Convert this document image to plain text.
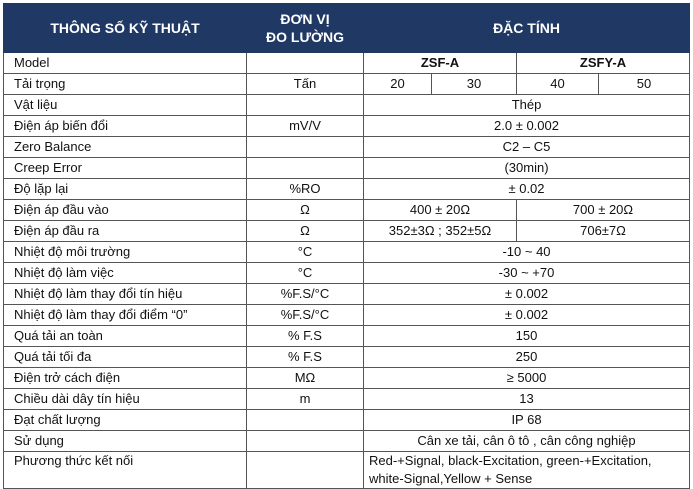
THÔNG SỐ KỸ THUẬT	ĐƠN VỊ
ĐO LƯỜNG	ĐẶC TÍNH			
Model		ZSF-A		ZSFY-A	
Tải trọng	Tấn	20	30	40	50
Vật liệu		Thép			
Điện áp biến đổi	mV/V	2.0 ± 0.002			
Zero Balance		C2 – C5			
Creep Error		(30min)			
Độ lặp lại	%RO	± 0.02			
Điện áp đầu vào	Ω	400 ± 20Ω		700 ± 20Ω	
Điện áp đầu ra	Ω	352±3Ω ; 352±5Ω		706±7Ω	
Nhiệt độ môi trường	°C	-10 ~ 40			
Nhiệt độ làm việc	°C	-30 ~ +70			
Nhiệt độ làm thay đổi tín hiệu	%F.S/°C	± 0.002			
Nhiệt độ làm thay đổi điểm “0”	%F.S/°C	± 0.002			
Quá tải an toàn	% F.S	150			
Quá tải tối đa	% F.S	250			
Điện trở cách điện	MΩ	≥ 5000			
Chiều dài dây tín hiệu	m	13			
Đạt chất lượng		IP 68			
Sử dụng		Cân xe tải, cân ô tô , cân công nghiệp			
Phương thức kết nối		Red-+Signal, black-Excitation, green-+Excitation,
white-Signal,Yellow + Sense			
